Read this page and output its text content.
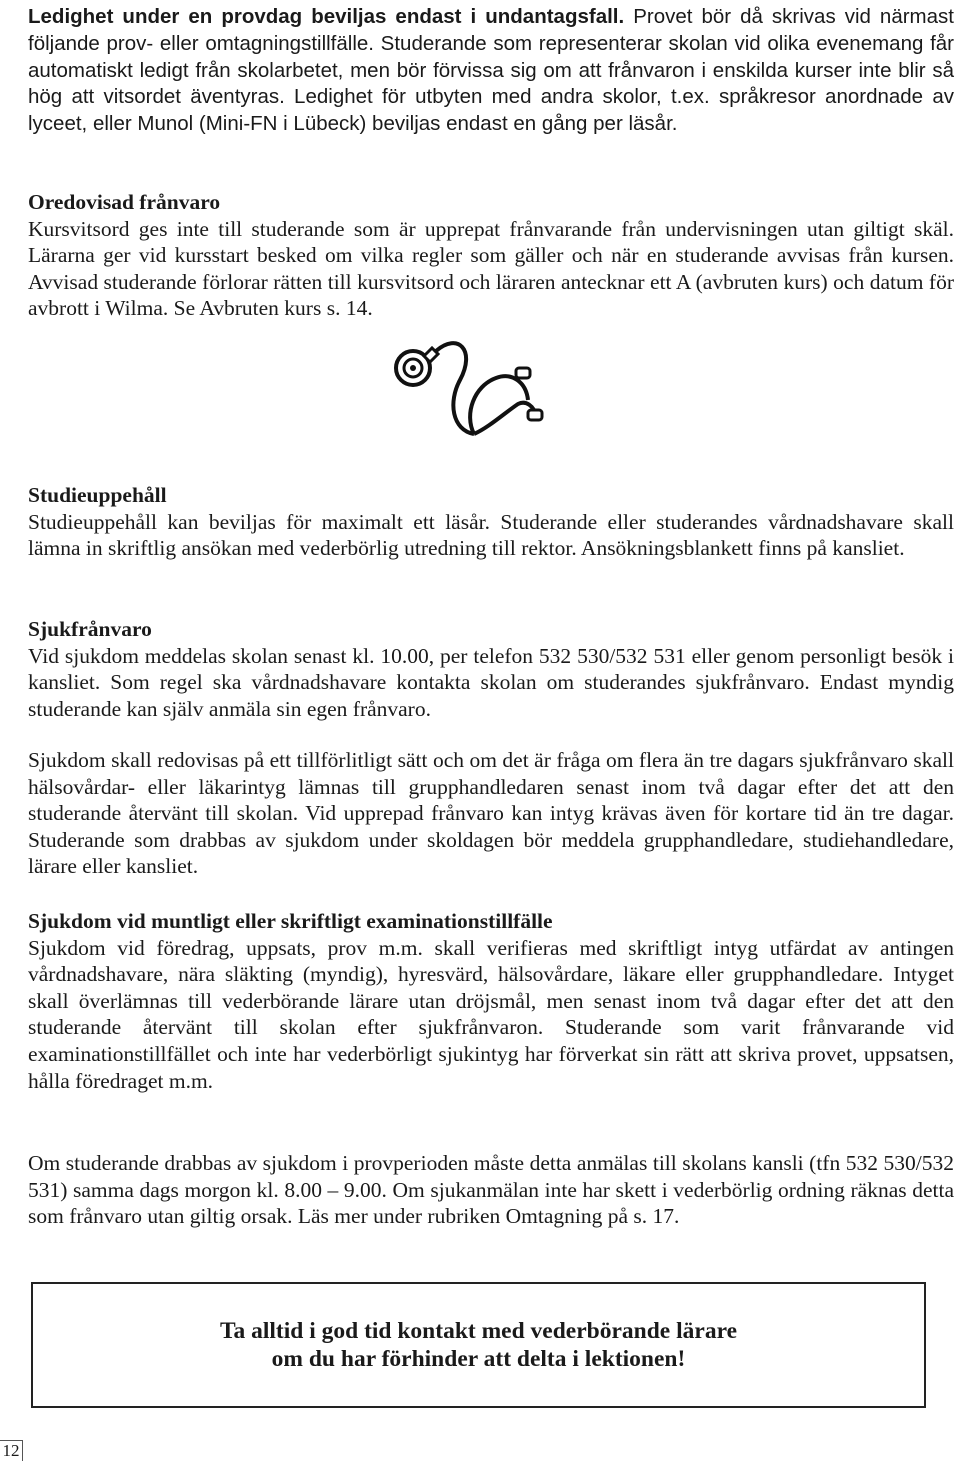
Ledighet under en provdag beviljas endast i undantagsfall. Provet bör då skrivas vid närmast följande prov- eller omtagningstillfälle. Studerande som representerar skolan vid olika evenemang får automatiskt ledigt från skolarbetet, men bör förvissa sig om att frånvaron i enskilda kurser inte blir så hög att vitsordet äventyras. Ledighet för utbyten med andra skolor, t.ex. språkresor anordnade av lyceet, eller Munol (Mini-FN i Lübeck) beviljas endast en gång per läsår.

Oredovisad frånvaro
Kursvitsord ges inte till studerande som är upprepat frånvarande från undervisningen utan giltigt skäl. Lärarna ger vid kursstart besked om vilka regler som gäller och när en studerande avvisas från kursen. Avvisad studerande förlorar rätten till kursvitsord och läraren antecknar ett A (avbruten kurs) och datum för avbrott i Wilma. Se Avbruten kurs s. 14.

Studieuppehåll
Studieuppehåll kan beviljas för maximalt ett läsår. Studerande eller studerandes vårdnadshavare skall lämna in skriftlig ansökan med vederbörlig utredning till rektor. Ansökningsblankett finns på kansliet.

Sjukfrånvaro
Vid sjukdom meddelas skolan senast kl. 10.00, per telefon 532 530/532 531 eller genom personligt besök i kansliet. Som regel ska vårdnadshavare kontakta skolan om studerandes sjukfrånvaro. Endast myndig studerande kan själv anmäla sin egen frånvaro.

Sjukdom skall redovisas på ett tillförlitligt sätt och om det är fråga om flera än tre dagars sjukfrånvaro skall hälsovårdar- eller läkarintyg lämnas till grupphandledaren senast inom två dagar efter det att den studerande återvänt till skolan. Vid upprepad frånvaro kan intyg krävas även för kortare tid än tre dagar. Studerande som drabbas av sjukdom under skoldagen bör meddela grupphandledare, studiehandledare, lärare eller kansliet.

Sjukdom vid muntligt eller skriftligt examinationstillfälle
Sjukdom vid föredrag, uppsats, prov m.m. skall verifieras med skriftligt intyg utfärdat av antingen vårdnadshavare, nära släkting (myndig), hyresvärd, hälsovårdare, läkare eller grupphandledare. Intyget skall överlämnas till vederbörande lärare utan dröjsmål, men senast inom två dagar efter det att den studerande återvänt till skolan efter sjukfrånvaron. Studerande som varit frånvarande vid examinationstillfället och inte har vederbörligt sjukintyg har förverkat sin rätt att skriva provet, uppsatsen, hålla föredraget m.m.

Om studerande drabbas av sjukdom i provperioden måste detta anmälas till skolans kansli (tfn 532 530/532 531) samma dags morgon kl. 8.00 – 9.00. Om sjukanmälan inte har skett i vederbörlig ordning räknas detta som frånvaro utan giltig orsak. Läs mer under rubriken Omtagning på s. 17.

Ta alltid i god tid kontakt med vederbörande lärare
om du har förhinder att delta i lektionen!
12
